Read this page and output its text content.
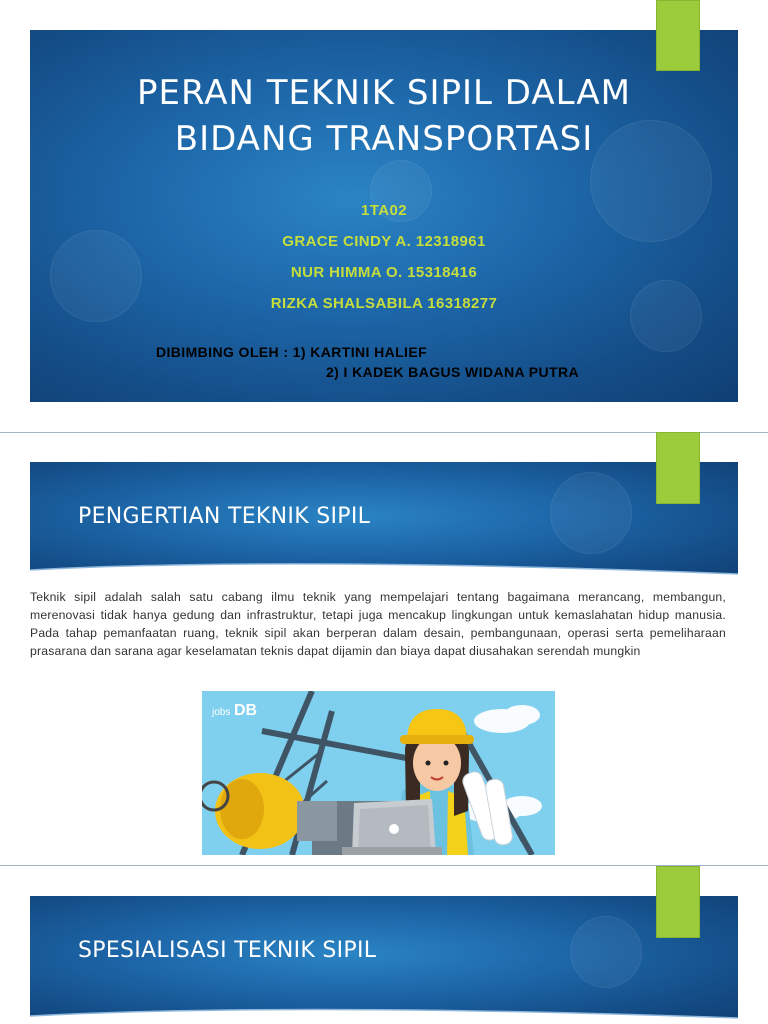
PERAN TEKNIK SIPIL DALAM
BIDANG TRANSPORTASI
1TA02
GRACE CINDY A. 12318961
NUR HIMMA O. 15318416
RIZKA SHALSABILA 16318277
DIBIMBING OLEH : 1) KARTINI HALIEF
2) I KADEK BAGUS WIDANA PUTRA
PENGERTIAN TEKNIK SIPIL
Teknik sipil adalah salah satu cabang ilmu teknik yang mempelajari tentang bagaimana merancang, membangun, merenovasi tidak hanya gedung dan infrastruktur, tetapi juga mencakup lingkungan untuk kemaslahatan hidup manusia. Pada tahap pemanfaatan ruang, teknik sipil akan berperan dalam desain, pembangunaan, operasi serta pemeliharaan prasarana dan sarana agar keselamatan teknis dapat dijamin dan biaya dapat diusahakan serendah mungkin
jobs DB
SPESIALISASI TEKNIK SIPIL
